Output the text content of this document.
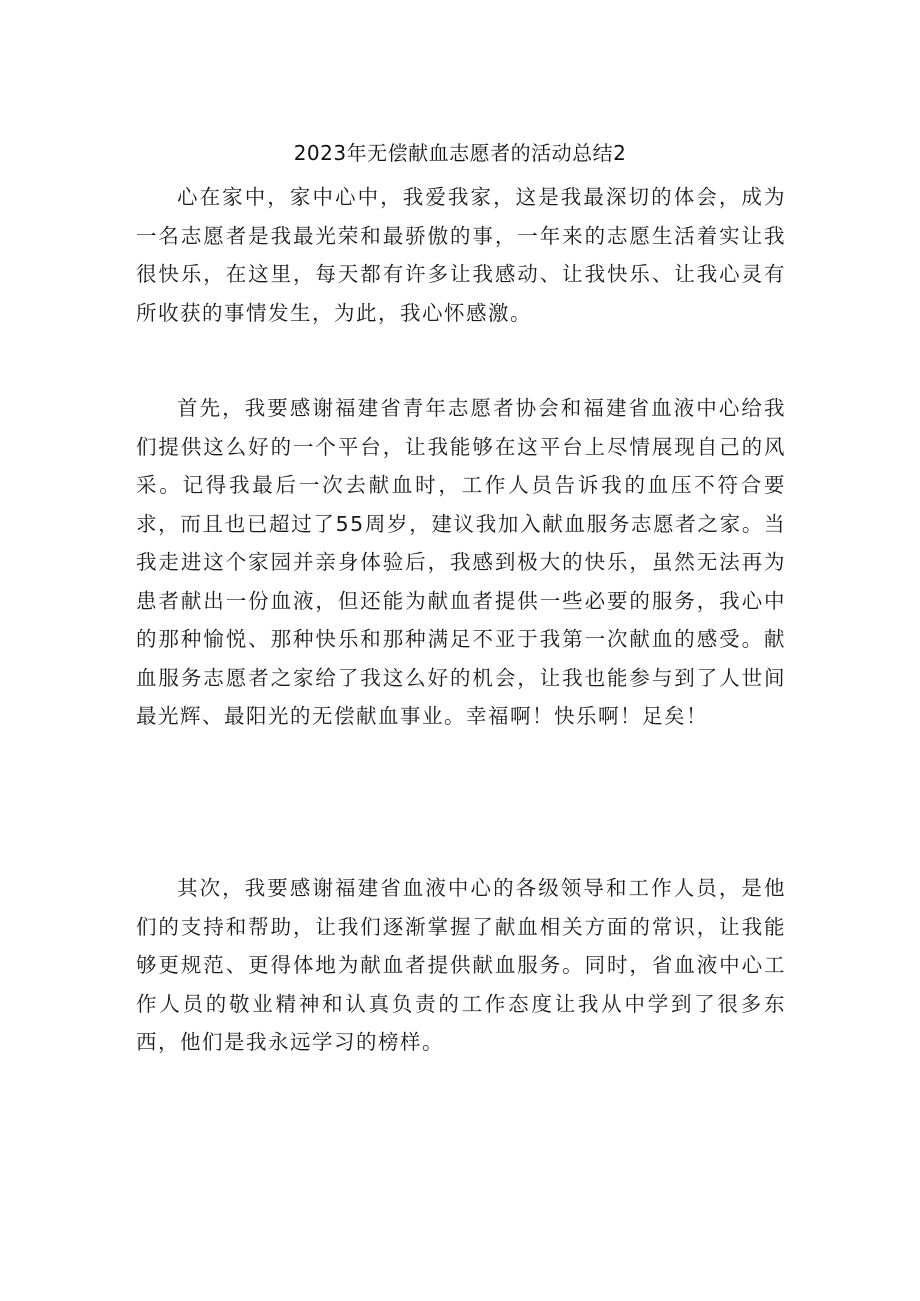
2023年无偿献血志愿者的活动总结2

心在家中，家中心中，我爱我家，这是我最深切的体会，成为一名志愿者是我最光荣和最骄傲的事，一年来的志愿生活着实让我很快乐，在这里，每天都有许多让我感动、让我快乐、让我心灵有所收获的事情发生，为此，我心怀感激。

首先，我要感谢福建省青年志愿者协会和福建省血液中心给我们提供这么好的一个平台，让我能够在这平台上尽情展现自己的风采。记得我最后一次去献血时，工作人员告诉我的血压不符合要求，而且也已超过了55周岁，建议我加入献血服务志愿者之家。当我走进这个家园并亲身体验后，我感到极大的快乐，虽然无法再为患者献出一份血液，但还能为献血者提供一些必要的服务，我心中的那种愉悦、那种快乐和那种满足不亚于我第一次献血的感受。献血服务志愿者之家给了我这么好的机会，让我也能参与到了人世间最光辉、最阳光的无偿献血事业。幸福啊！快乐啊！足矣！

其次，我要感谢福建省血液中心的各级领导和工作人员，是他们的支持和帮助，让我们逐渐掌握了献血相关方面的常识，让我能够更规范、更得体地为献血者提供献血服务。同时，省血液中心工作人员的敬业精神和认真负责的工作态度让我从中学到了很多东西，他们是我永远学习的榜样。
